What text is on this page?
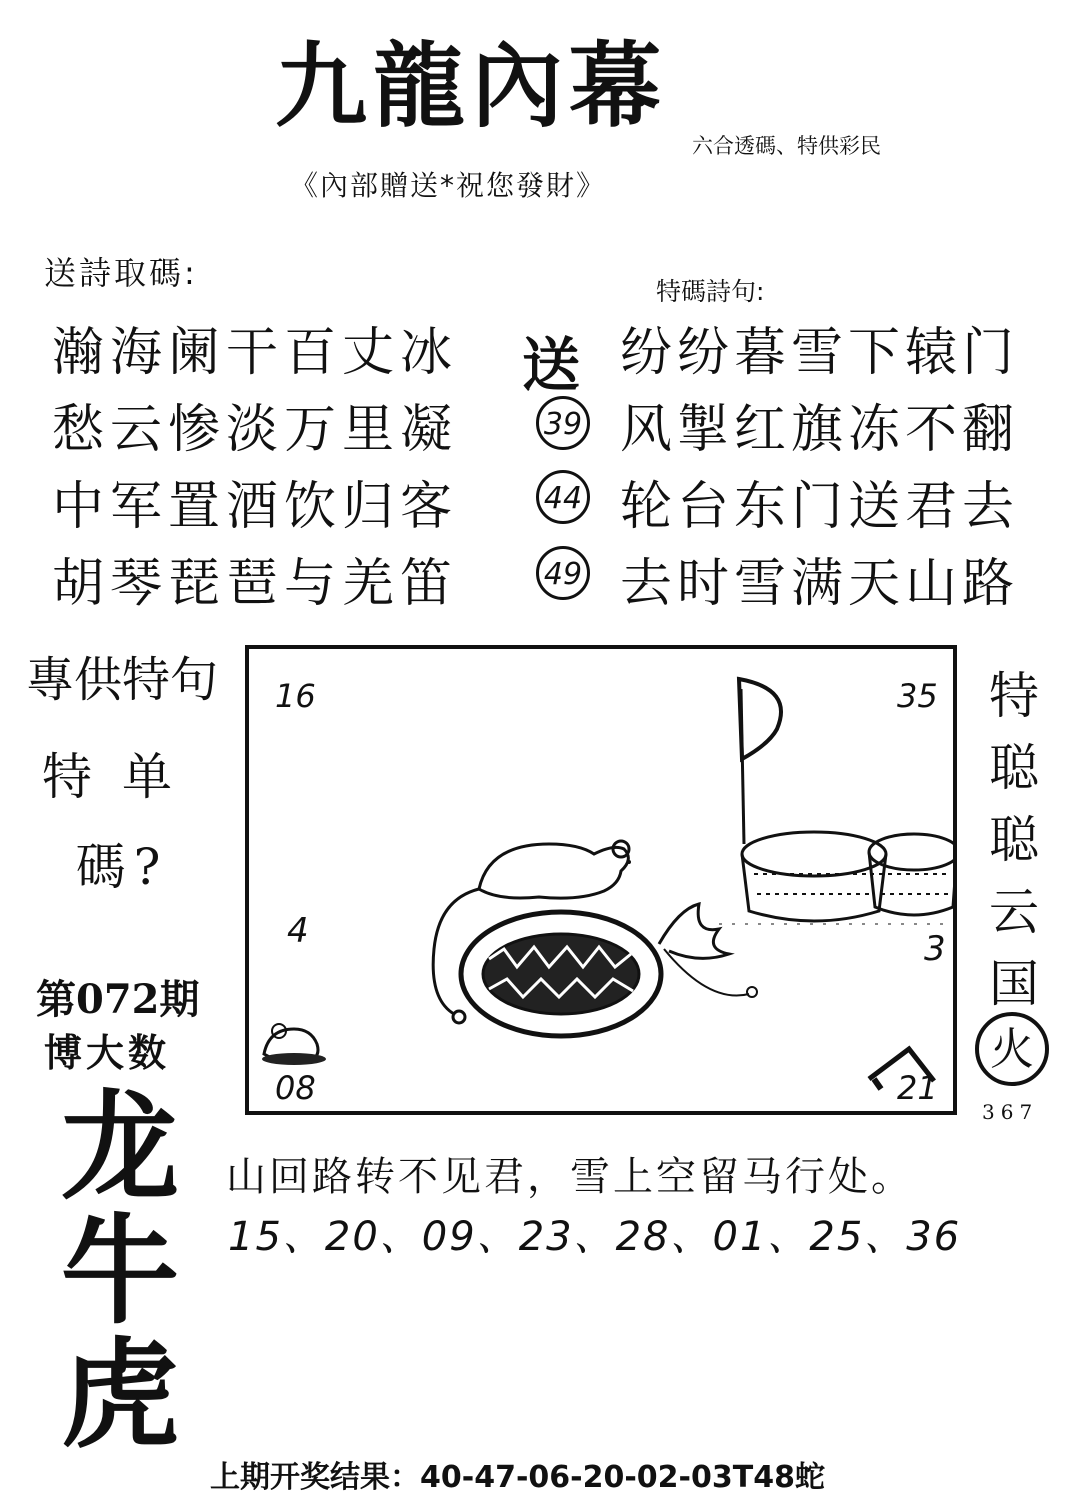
九龍內幕
六合透碼、特供彩民
《內部贈送*祝您發財》
送詩取碼:
瀚海阑干百丈冰
愁云惨淡万里凝
中军置酒饮归客
胡琴琵琶与羌笛
特碼詩句:
送
39
44
49
纷纷暮雪下辕门
风掣红旗冻不翻
轮台东门送君去
去时雪满天山路
專供特句
特单
碼?
第072期
博大数
龙
牛
虎
16	35
08	21
4	3
特
聪
聪
云
国
火
367
山回路转不见君，雪上空留马行处。
15、20、09、23、28、01、25、36
上期开奖结果：40-47-06-20-02-03T48蛇
